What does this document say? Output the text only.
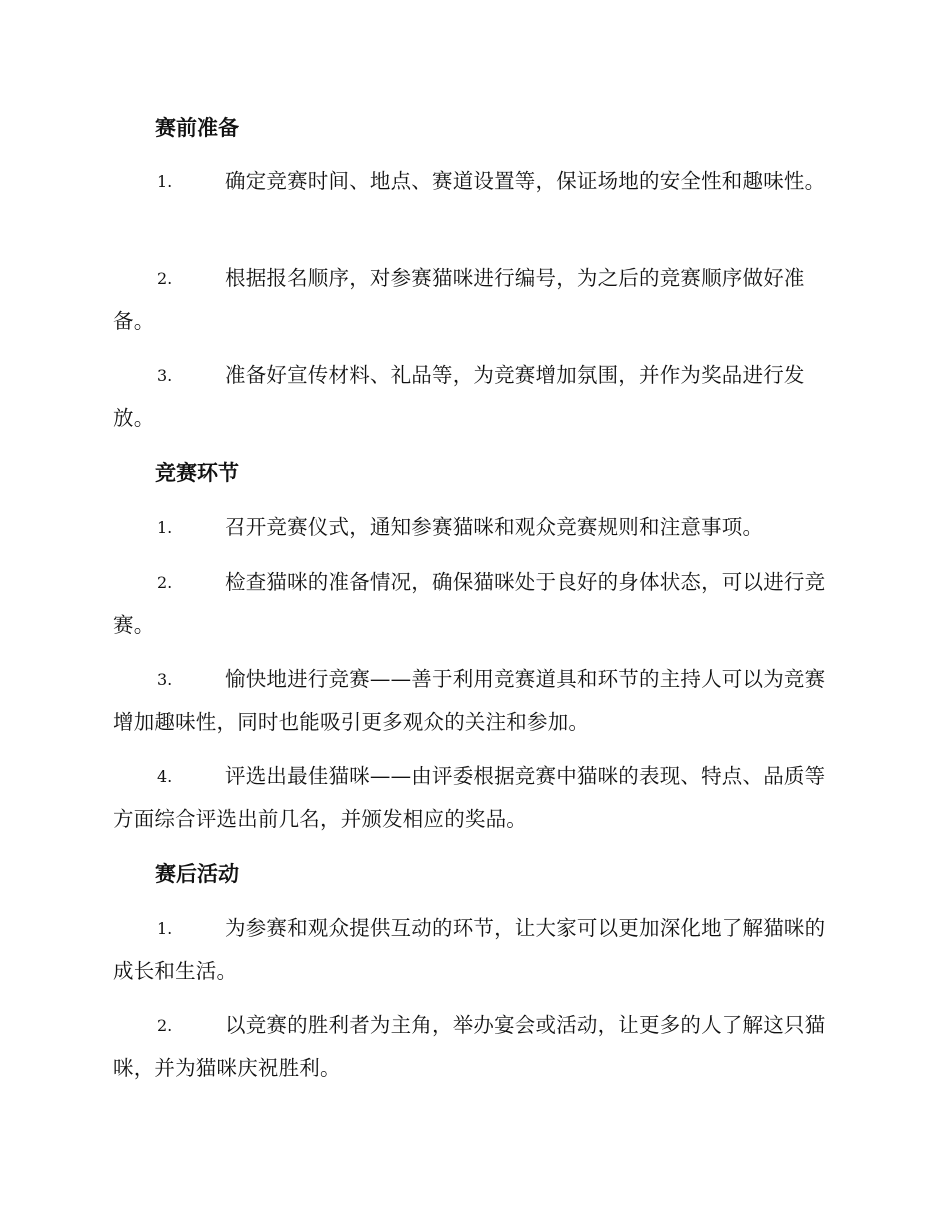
赛前准备
1.	确定竞赛时间、地点、赛道设置等，保证场地的安全性和趣味性。
2.	根据报名顺序，对参赛猫咪进行编号，为之后的竞赛顺序做好准备。
3.	准备好宣传材料、礼品等，为竞赛增加氛围，并作为奖品进行发放。
竞赛环节
1.	召开竞赛仪式，通知参赛猫咪和观众竞赛规则和注意事项。
2.	检查猫咪的准备情况，确保猫咪处于良好的身体状态，可以进行竞赛。
3.	愉快地进行竞赛——善于利用竞赛道具和环节的主持人可以为竞赛增加趣味性，同时也能吸引更多观众的关注和参加。
4.	评选出最佳猫咪——由评委根据竞赛中猫咪的表现、特点、品质等方面综合评选出前几名，并颁发相应的奖品。
赛后活动
1.	为参赛和观众提供互动的环节，让大家可以更加深化地了解猫咪的成长和生活。
2.	以竞赛的胜利者为主角，举办宴会或活动，让更多的人了解这只猫咪，并为猫咪庆祝胜利。
